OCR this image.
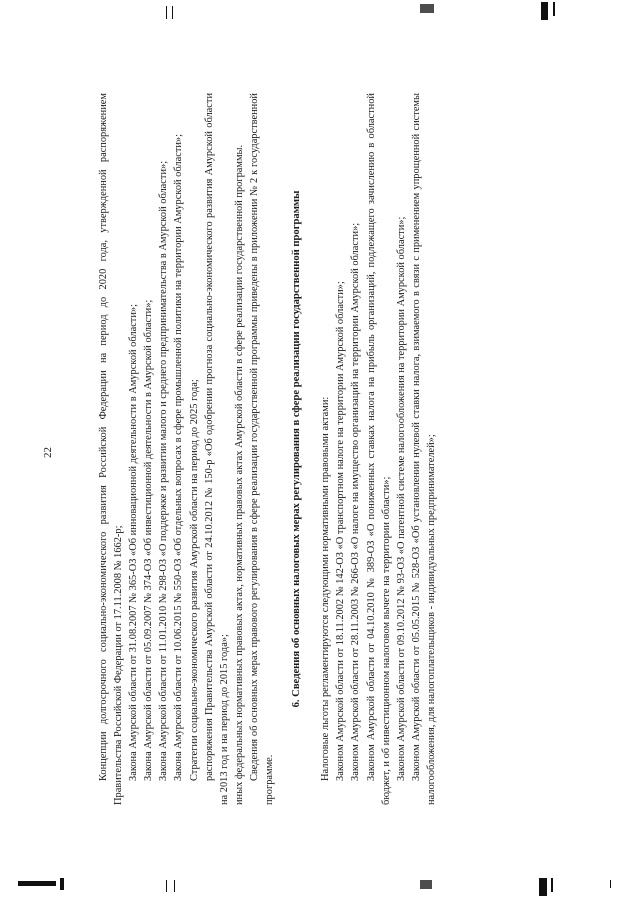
22	Концепции долгосрочного социально-экономического развития Российской Федерации на период до 2020 года, утвержденной распоряжением Правительства Российской Федерации от 17.11.2008 № 1662-р; Закона Амурской области от 31.08.2007 № 365-ОЗ «Об инновационной деятельности в Амурской области»; Закона Амурской области от 05.09.2007 № 374-ОЗ «Об инвестиционной деятельности в Амурской области»; Закона Амурской области от 11.01.2010 № 298-ОЗ «О поддержке и развитии малого и среднего предпринимательства в Амурской области»; Закона Амурской области от 10.06.2015 № 550-ОЗ «Об отдельных вопросах в сфере промышленной политики на территории Амурской области»; Стратегии социально-экономического развития Амурской области на период до 2025 года; распоряжения Правительства Амурской области от 24.10.2012 № 150-р «Об одобрении прогноза социально-экономического развития Амурской области на 2013 год и на период до 2015 года»; иных федеральных нормативных правовых актах, нормативных правовых актах Амурской области в сфере реализации государственной программы. Сведения об основных мерах правового регулирования в сфере реализации государственной программы приведены в приложении № 2 к государственной программе.

6. Сведения об основных налоговых мерах регулирования в сфере реализации государственной программы Налоговые льготы регламентируются следующими нормативными правовыми актами: Законом Амурской области от 18.11.2002 № 142-ОЗ «О транспортном налоге на территории Амурской области»; Законом Амурской области от 28.11.2003 № 266-ОЗ «О налоге на имущество организаций на территории Амурской области»; Законом Амурской области от 04.10.2010 № 389-ОЗ «О пониженных ставках налога на прибыль организаций, подлежащего зачислению в областной бюджет, и об инвестиционном налоговом вычете на территории области»; Законом Амурской области от 09.10.2012 № 93-ОЗ «О патентной системе налогообложения на территории Амурской области»; Законом Амурской области от 05.05.2015 № 528-ОЗ «Об установлении нулевой ставки налога, взимаемого в связи с применением упрощенной системы налогообложения, для налогоплательщиков - индивидуальных предпринимателей»;
